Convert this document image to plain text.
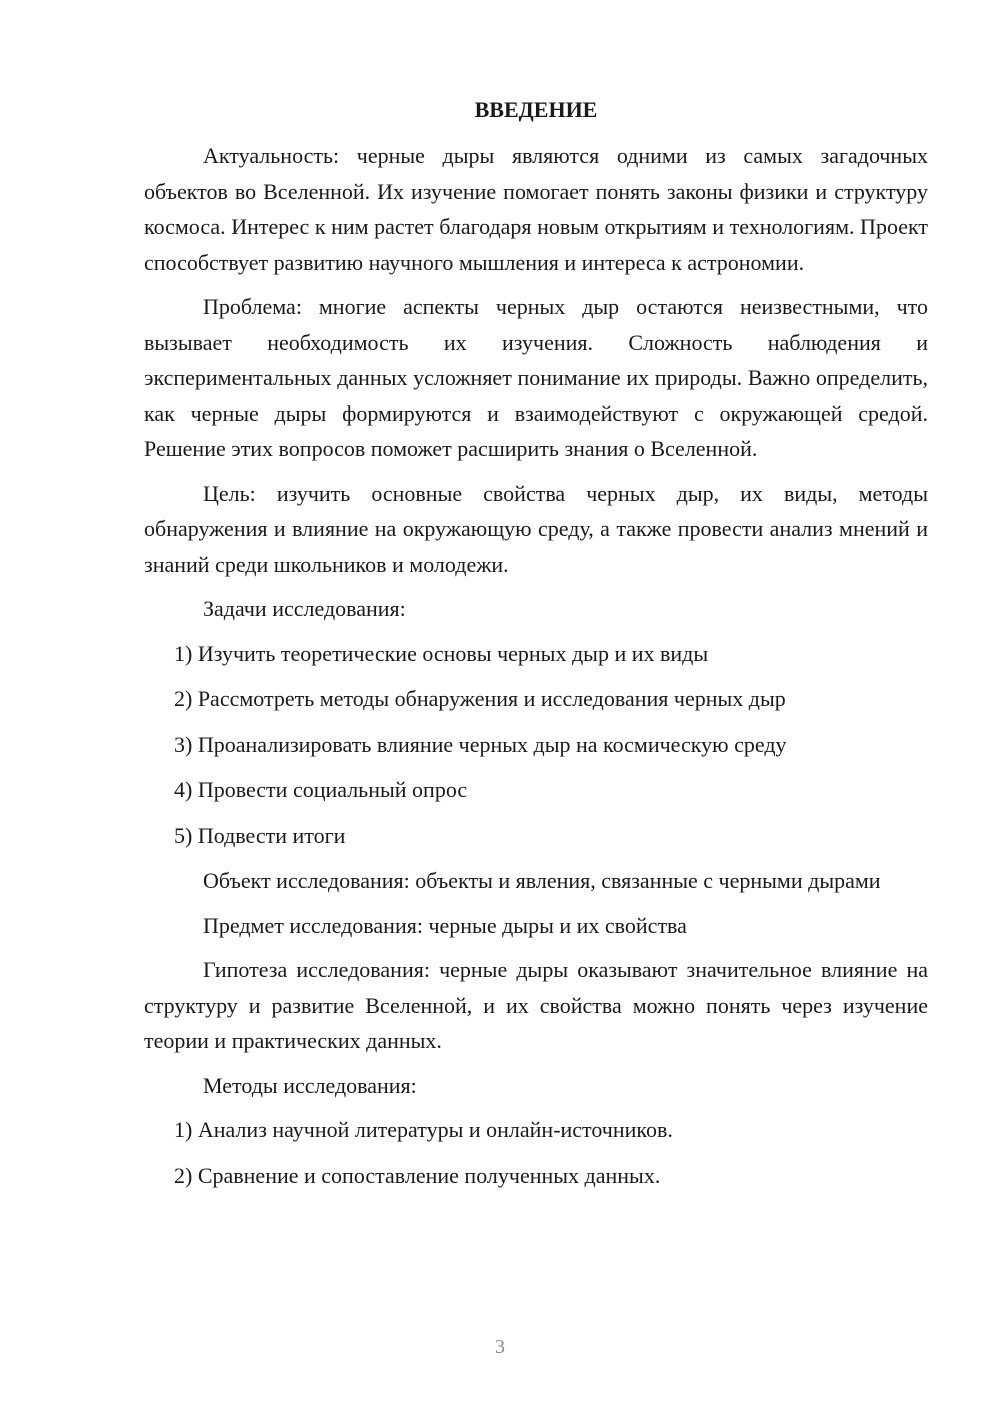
ВВЕДЕНИЕ

Актуальность: черные дыры являются одними из самых загадочных объектов во Вселенной. Их изучение помогает понять законы физики и структуру космоса. Интерес к ним растет благодаря новым открытиям и технологиям. Проект способствует развитию научного мышления и интереса к астрономии.

Проблема: многие аспекты черных дыр остаются неизвестными, что вызывает необходимость их изучения. Сложность наблюдения и экспериментальных данных усложняет понимание их природы. Важно определить, как черные дыры формируются и взаимодействуют с окружающей средой. Решение этих вопросов поможет расширить знания о Вселенной.

Цель: изучить основные свойства черных дыр, их виды, методы обнаружения и влияние на окружающую среду, а также провести анализ мнений и знаний среди школьников и молодежи.

Задачи исследования:

1) Изучить теоретические основы черных дыр и их виды
2) Рассмотреть методы обнаружения и исследования черных дыр
3) Проанализировать влияние черных дыр на космическую среду
4) Провести социальный опрос
5) Подвести итоги

Объект исследования: объекты и явления, связанные с черными дырами

Предмет исследования: черные дыры и их свойства

Гипотеза исследования: черные дыры оказывают значительное влияние на структуру и развитие Вселенной, и их свойства можно понять через изучение теории и практических данных.

Методы исследования:

1) Анализ научной литературы и онлайн-источников.
2) Сравнение и сопоставление полученных данных.
3
